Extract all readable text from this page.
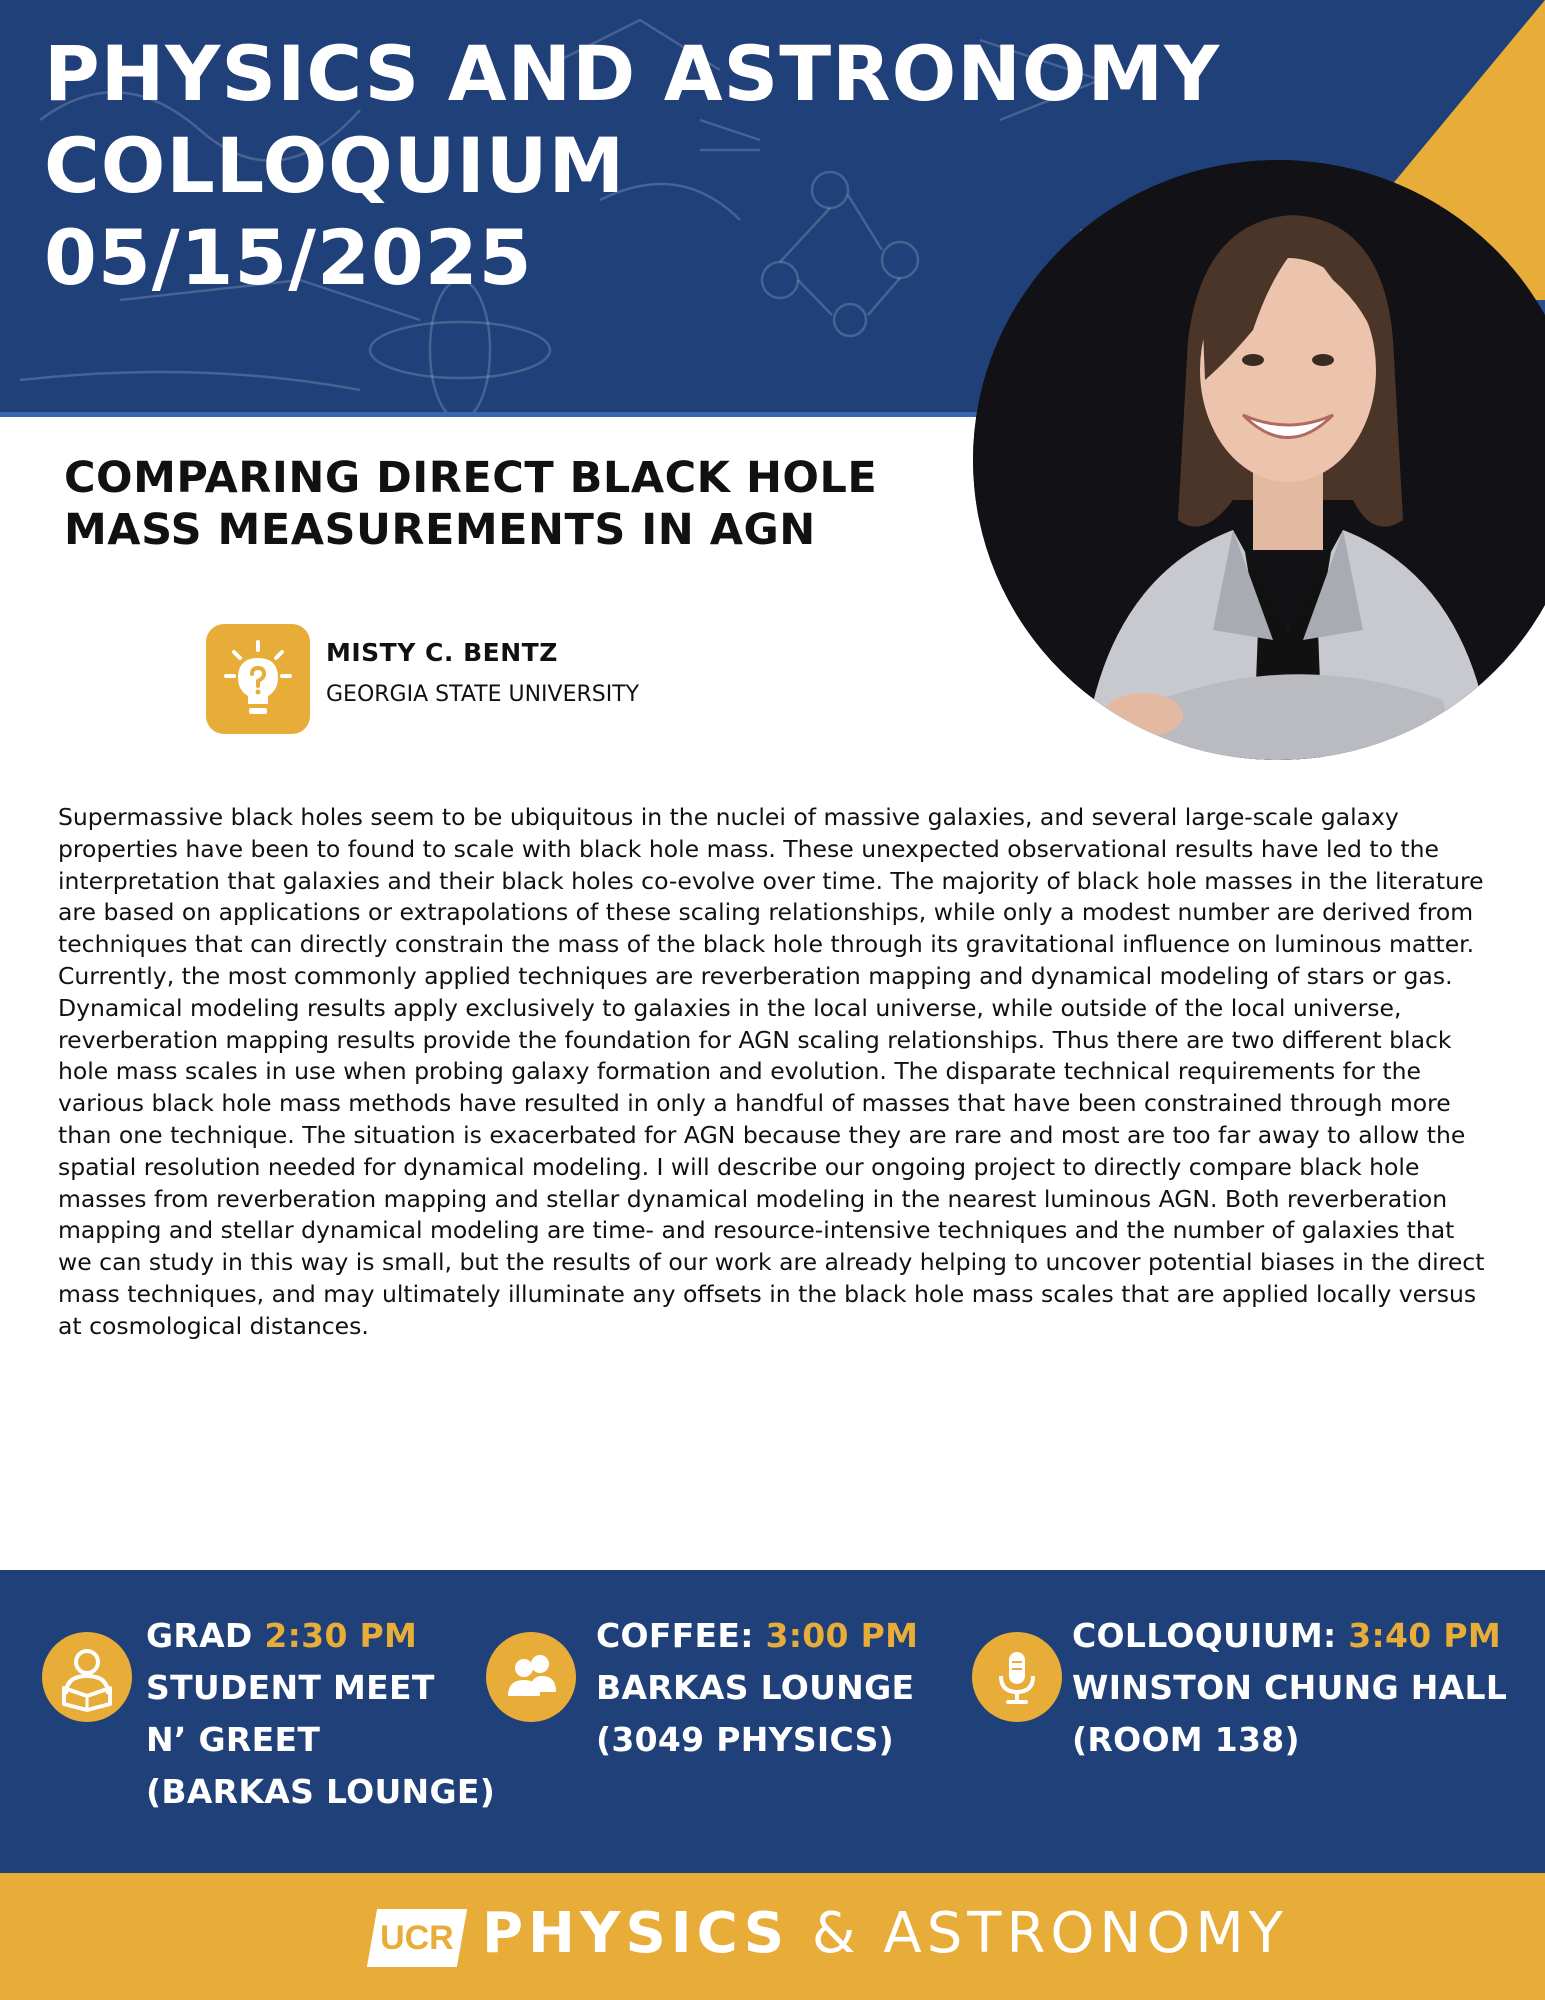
PHYSICS AND ASTRONOMY
COLLOQUIUM
05/15/2025
COMPARING DIRECT BLACK HOLE
MASS MEASUREMENTS IN AGN

MISTY C. BENTZ

GEORGIA STATE UNIVERSITY

Supermassive black holes seem to be ubiquitous in the nuclei of massive galaxies, and several large-scale galaxy properties have been to found to scale with black hole mass. These unexpected observational results have led to the interpretation that galaxies and their black holes co-evolve over time. The majority of black hole masses in the literature are based on applications or extrapolations of these scaling relationships, while only a modest number are derived from techniques that can directly constrain the mass of the black hole through its gravitational influence on luminous matter. Currently, the most commonly applied techniques are reverberation mapping and dynamical modeling of stars or gas. Dynamical modeling results apply exclusively to galaxies in the local universe, while outside of the local universe, reverberation mapping results provide the foundation for AGN scaling relationships. Thus there are two different black hole mass scales in use when probing galaxy formation and evolution. The disparate technical requirements for the various black hole mass methods have resulted in only a handful of masses that have been constrained through more than one technique. The situation is exacerbated for AGN because they are rare and most are too far away to allow the spatial resolution needed for dynamical modeling. I will describe our ongoing project to directly compare black hole masses from reverberation mapping and stellar dynamical modeling in the nearest luminous AGN. Both reverberation mapping and stellar dynamical modeling are time- and resource-intensive techniques and the number of galaxies that we can study in this way is small, but the results of our work are already helping to uncover potential biases in the direct mass techniques, and may ultimately illuminate any offsets in the black hole mass scales that are applied locally versus at cosmological distances.

GRAD 2:30 PM
STUDENT MEET
N’ GREET
(BARKAS LOUNGE)
COFFEE: 3:00 PM
BARKAS LOUNGE
(3049 PHYSICS)
COLLOQUIUM: 3:40 PM
WINSTON CHUNG HALL
(ROOM 138)
UCR PHYSICS & ASTRONOMY
